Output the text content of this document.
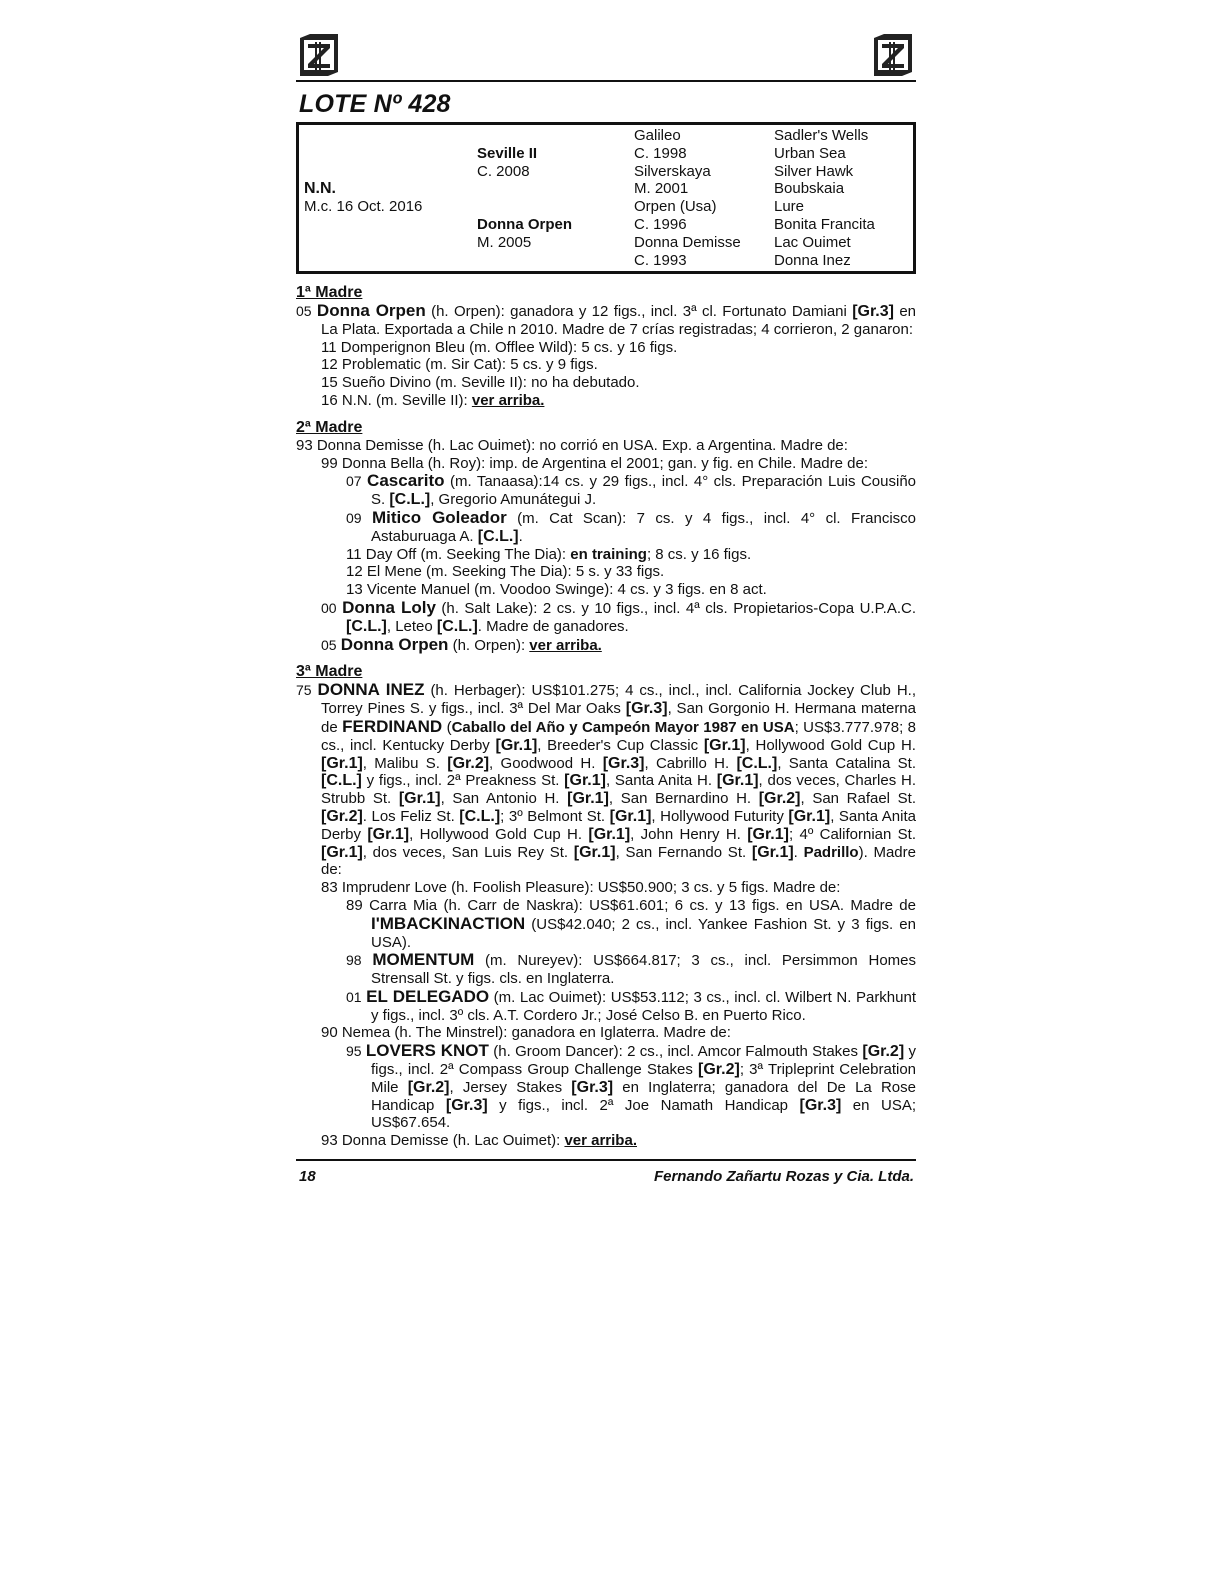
LOTE Nº 428
N.N.
M.c. 16 Oct. 2016
Seville II
C. 2008
Donna Orpen
M. 2005
Galileo
C. 1998
Silverskaya
M. 2001
Orpen (Usa)
C. 1996
Donna Demisse
C. 1993
Sadler's Wells
Urban Sea
Silver Hawk
Boubskaia
Lure
Bonita Francita
Lac Ouimet
Donna Inez
1ª Madre
05 Donna Orpen (h. Orpen): ganadora y 12 figs., incl. 3ª cl. Fortunato Damiani [Gr.3] en La Plata. Exportada a Chile n 2010. Madre de 7 crías registradas; 4 corrieron, 2 ganaron:
11 Domperignon Bleu (m. Offlee Wild): 5 cs. y 16 figs.
12 Problematic (m. Sir Cat): 5 cs. y 9 figs.
15 Sueño Divino (m. Seville II): no ha debutado.
16 N.N. (m. Seville II): ver arriba.
2ª Madre
93 Donna Demisse (h. Lac Ouimet): no corrió en USA. Exp. a Argentina. Madre de:
99 Donna Bella (h. Roy): imp. de Argentina el 2001; gan. y fig. en Chile. Madre de:
07 Cascarito (m. Tanaasa):14 cs. y 29 figs., incl. 4° cls. Preparación Luis Cousiño S. [C.L.], Gregorio Amunátegui J.
09 Mitico Goleador (m. Cat Scan): 7 cs. y 4 figs., incl. 4° cl. Francisco Astaburuaga A. [C.L.].
11 Day Off (m. Seeking The Dia): en training; 8 cs. y 16 figs.
12 El Mene (m. Seeking The Dia): 5 s. y 33 figs.
13 Vicente Manuel (m. Voodoo Swinge): 4 cs. y 3 figs. en 8 act.
00 Donna Loly (h. Salt Lake): 2 cs. y 10 figs., incl. 4ª cls. Propietarios-Copa U.P.A.C. [C.L.], Leteo [C.L.]. Madre de ganadores.
05 Donna Orpen (h. Orpen): ver arriba.
3ª Madre
75 DONNA INEZ (h. Herbager): US$101.275; 4 cs., incl., incl. California Jockey Club H., Torrey Pines S. y figs., incl. 3ª Del Mar Oaks [Gr.3], San Gorgonio H. Hermana materna de FERDINAND (Caballo del Año y Campeón Mayor 1987 en USA; US$3.777.978; 8 cs., incl. Kentucky Derby [Gr.1], Breeder's Cup Classic [Gr.1], Hollywood Gold Cup H. [Gr.1], Malibu S. [Gr.2], Goodwood H. [Gr.3], Cabrillo H. [C.L.], Santa Catalina St. [C.L.] y figs., incl. 2ª Preakness St. [Gr.1], Santa Anita H. [Gr.1], dos veces, Charles H. Strubb St. [Gr.1], San Antonio H. [Gr.1], San Bernardino H. [Gr.2], San Rafael St. [Gr.2]. Los Feliz St. [C.L.]; 3º Belmont St. [Gr.1], Hollywood Futurity [Gr.1], Santa Anita Derby [Gr.1], Hollywood Gold Cup H. [Gr.1], John Henry H. [Gr.1]; 4º Californian St. [Gr.1], dos veces, San Luis Rey St. [Gr.1], San Fernando St. [Gr.1]. Padrillo). Madre de:
83 Imprudenr Love (h. Foolish Pleasure): US$50.900; 3 cs. y 5 figs. Madre de:
89 Carra Mia (h. Carr de Naskra): US$61.601; 6 cs. y 13 figs. en USA. Madre de I'MBACKINACTION (US$42.040; 2 cs., incl. Yankee Fashion St. y 3 figs. en USA).
98 MOMENTUM (m. Nureyev): US$664.817; 3 cs., incl. Persimmon Homes Strensall St. y figs. cls. en Inglaterra.
01 EL DELEGADO (m. Lac Ouimet): US$53.112; 3 cs., incl. cl. Wilbert N. Parkhunt y figs., incl. 3º cls. A.T. Cordero Jr.; José Celso B. en Puerto Rico.
90 Nemea (h. The Minstrel): ganadora en Iglaterra. Madre de:
95 LOVERS KNOT (h. Groom Dancer): 2 cs., incl. Amcor Falmouth Stakes [Gr.2] y figs., incl. 2ª Compass Group Challenge Stakes [Gr.2]; 3ª Tripleprint Celebration Mile [Gr.2], Jersey Stakes [Gr.3] en Inglaterra; ganadora del De La Rose Handicap [Gr.3] y figs., incl. 2ª Joe Namath Handicap [Gr.3] en USA; US$67.654.
93 Donna Demisse (h. Lac Ouimet): ver arriba.
18	Fernando Zañartu Rozas y Cia. Ltda.
